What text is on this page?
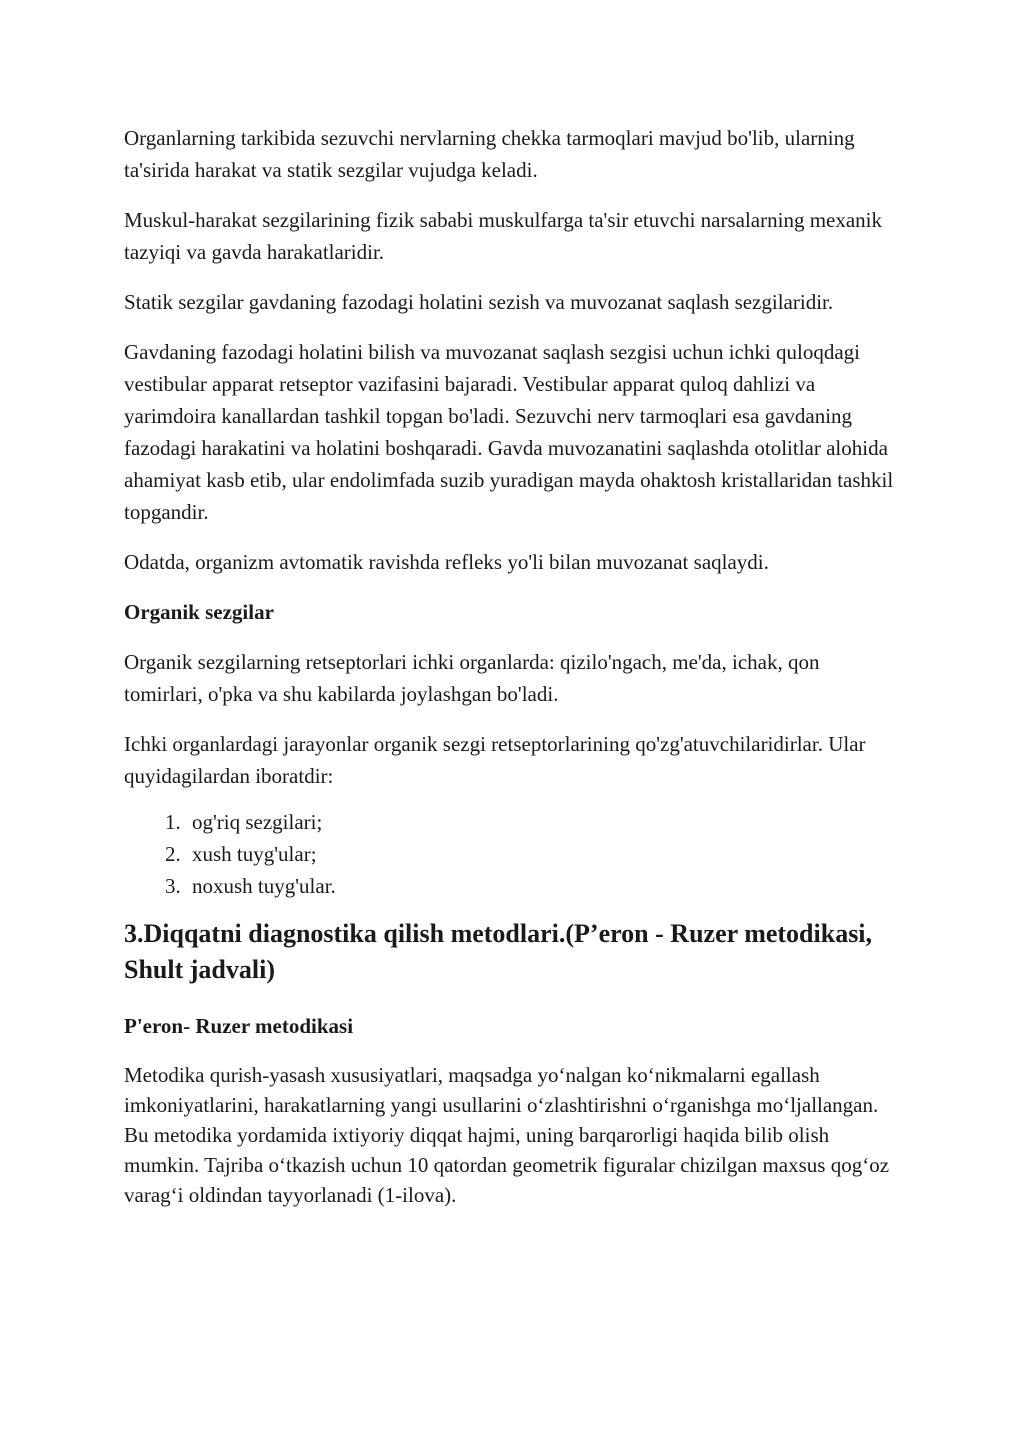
Organlarning tarkibida sezuvchi nervlarning chekka tarmoqlari mavjud bo'lib, ularning ta'sirida harakat va statik sezgilar vujudga keladi.

Muskul-harakat sezgilarining fizik sababi muskulfarga ta'sir etuvchi narsalarning mexanik tazyiqi va gavda harakatlaridir.

Statik sezgilar gavdaning fazodagi holatini sezish va muvozanat saqlash sezgilaridir.

Gavdaning fazodagi holatini bilish va muvozanat saqlash sezgisi uchun ichki quloqdagi vestibular apparat retseptor vazifasini bajaradi. Vestibular apparat quloq dahlizi va yarimdoira kanallardan tashkil topgan bo'ladi. Sezuvchi nerv tarmoqlari esa gavdaning fazodagi harakatini va holatini boshqaradi. Gavda muvozanatini saqlashda otolitlar alohida ahamiyat kasb etib, ular endolimfada suzib yuradigan mayda ohaktosh kristallaridan tashkil topgandir.

Odatda, organizm avtomatik ravishda refleks yo'li bilan muvozanat saqlaydi.

Organik sezgilar

Organik sezgilarning retseptorlari ichki organlarda: qizilo'ngach, me'da, ichak, qon tomirlari, o'pka va shu kabilarda joylashgan bo'ladi.

Ichki organlardagi jarayonlar organik sezgi retseptorlarining qo'zg'atuvchilaridirlar. Ular quyidagilardan iboratdir:

1. og'riq sezgilari;
2. xush tuyg'ular;
3. noxush tuyg'ular.
3.Diqqatni diagnostika qilish metodlari.(P’eron - Ruzer metodikasi, Shult jadvali)
P'eron- Ruzer metodikasi

Metodika qurish-yasash xususiyatlari, maqsadga yo‘nalgan ko‘nikmalarni egallash imkoniyatlarini, harakatlarning yangi usullarini o‘zlashtirishni o‘rganishga mo‘ljallangan. Bu metodika yordamida ixtiyoriy diqqat hajmi, uning barqarorligi haqida bilib olish mumkin. Tajriba o‘tkazish uchun 10 qatordan geometrik figuralar chizilgan maxsus qog‘oz varag‘i oldindan tayyorlanadi (1-ilova).
